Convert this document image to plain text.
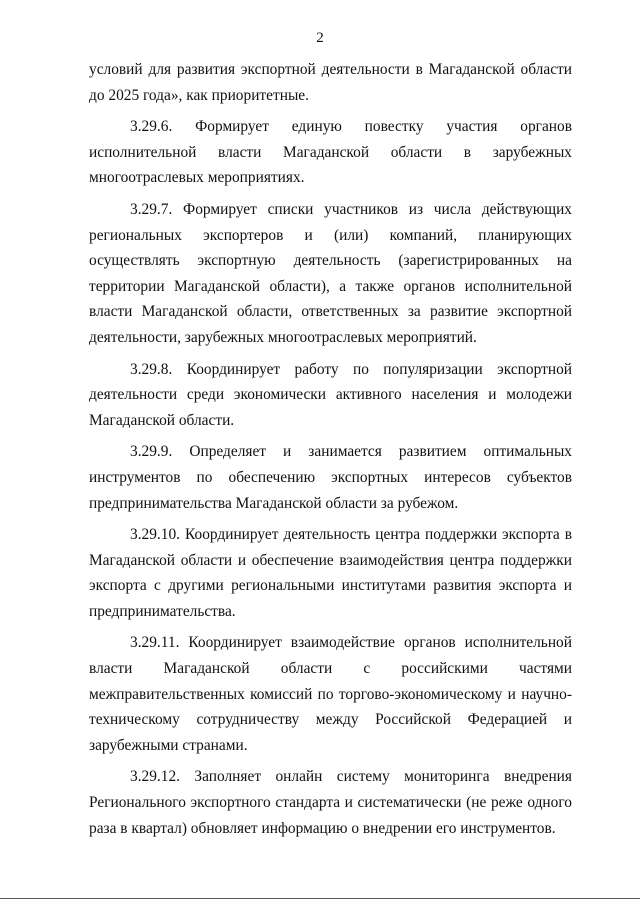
2

условий для развития экспортной деятельности в Магаданской области до 2025 года», как приоритетные.

3.29.6. Формирует единую повестку участия органов исполнительной власти Магаданской области в зарубежных многоотраслевых мероприятиях.

3.29.7. Формирует списки участников из числа действующих региональных экспортеров и (или) компаний, планирующих осуществлять экспортную деятельность (зарегистрированных на территории Магаданской области), а также органов исполнительной власти Магаданской области, ответственных за развитие экспортной деятельности, зарубежных многоотраслевых мероприятий.

3.29.8. Координирует работу по популяризации экспортной деятельности среди экономически активного населения и молодежи Магаданской области.

3.29.9. Определяет и занимается развитием оптимальных инструментов по обеспечению экспортных интересов субъектов предпринимательства Магаданской области за рубежом.

3.29.10. Координирует деятельность центра поддержки экспорта в Магаданской области и обеспечение взаимодействия центра поддержки экспорта с другими региональными институтами развития экспорта и предпринимательства.

3.29.11. Координирует взаимодействие органов исполнительной власти Магаданской области с российскими частями межправительственных комиссий по торгово-экономическому и научно-техническому сотрудничеству между Российской Федерацией и зарубежными странами.

3.29.12. Заполняет онлайн систему мониторинга внедрения Регионального экспортного стандарта и систематически (не реже одного раза в квартал) обновляет информацию о внедрении его инструментов.
